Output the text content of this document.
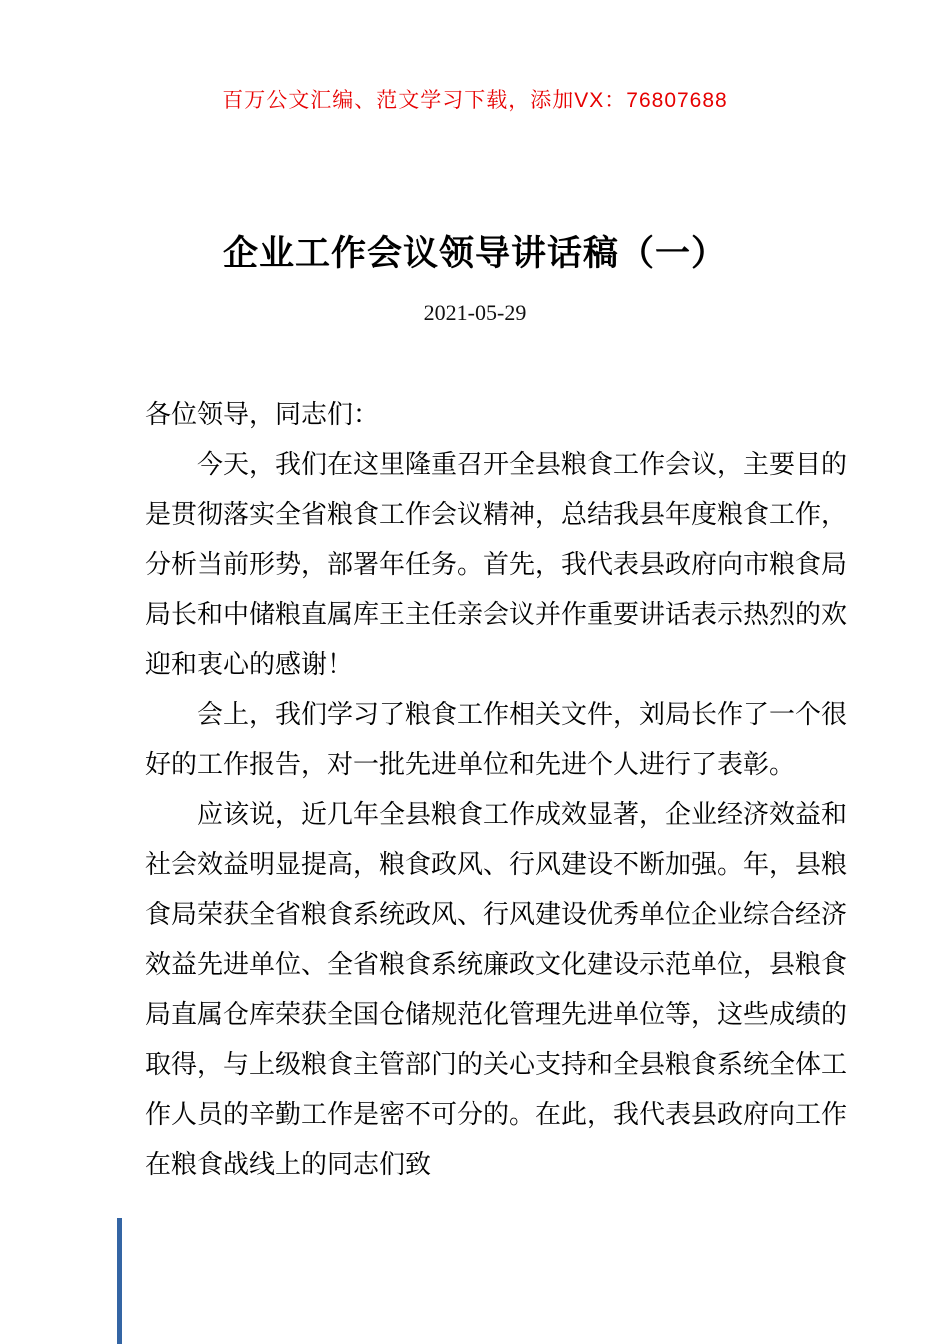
百万公文汇编、范文学习下载，添加VX：76807688
企业工作会议领导讲话稿（一）
2021-05-29

各位领导，同志们：

今天，我们在这里隆重召开全县粮食工作会议，主要目的是贯彻落实全省粮食工作会议精神，总结我县年度粮食工作，分析当前形势，部署年任务。首先，我代表县政府向市粮食局局长和中储粮直属库王主任亲会议并作重要讲话表示热烈的欢迎和衷心的感谢！

会上，我们学习了粮食工作相关文件，刘局长作了一个很好的工作报告，对一批先进单位和先进个人进行了表彰。

应该说，近几年全县粮食工作成效显著，企业经济效益和社会效益明显提高，粮食政风、行风建设不断加强。年，县粮食局荣获全省粮食系统政风、行风建设优秀单位企业综合经济效益先进单位、全省粮食系统廉政文化建设示范单位，县粮食局直属仓库荣获全国仓储规范化管理先进单位等，这些成绩的取得，与上级粮食主管部门的关心支持和全县粮食系统全体工作人员的辛勤工作是密不可分的。在此，我代表县政府向工作在粮食战线上的同志们致
